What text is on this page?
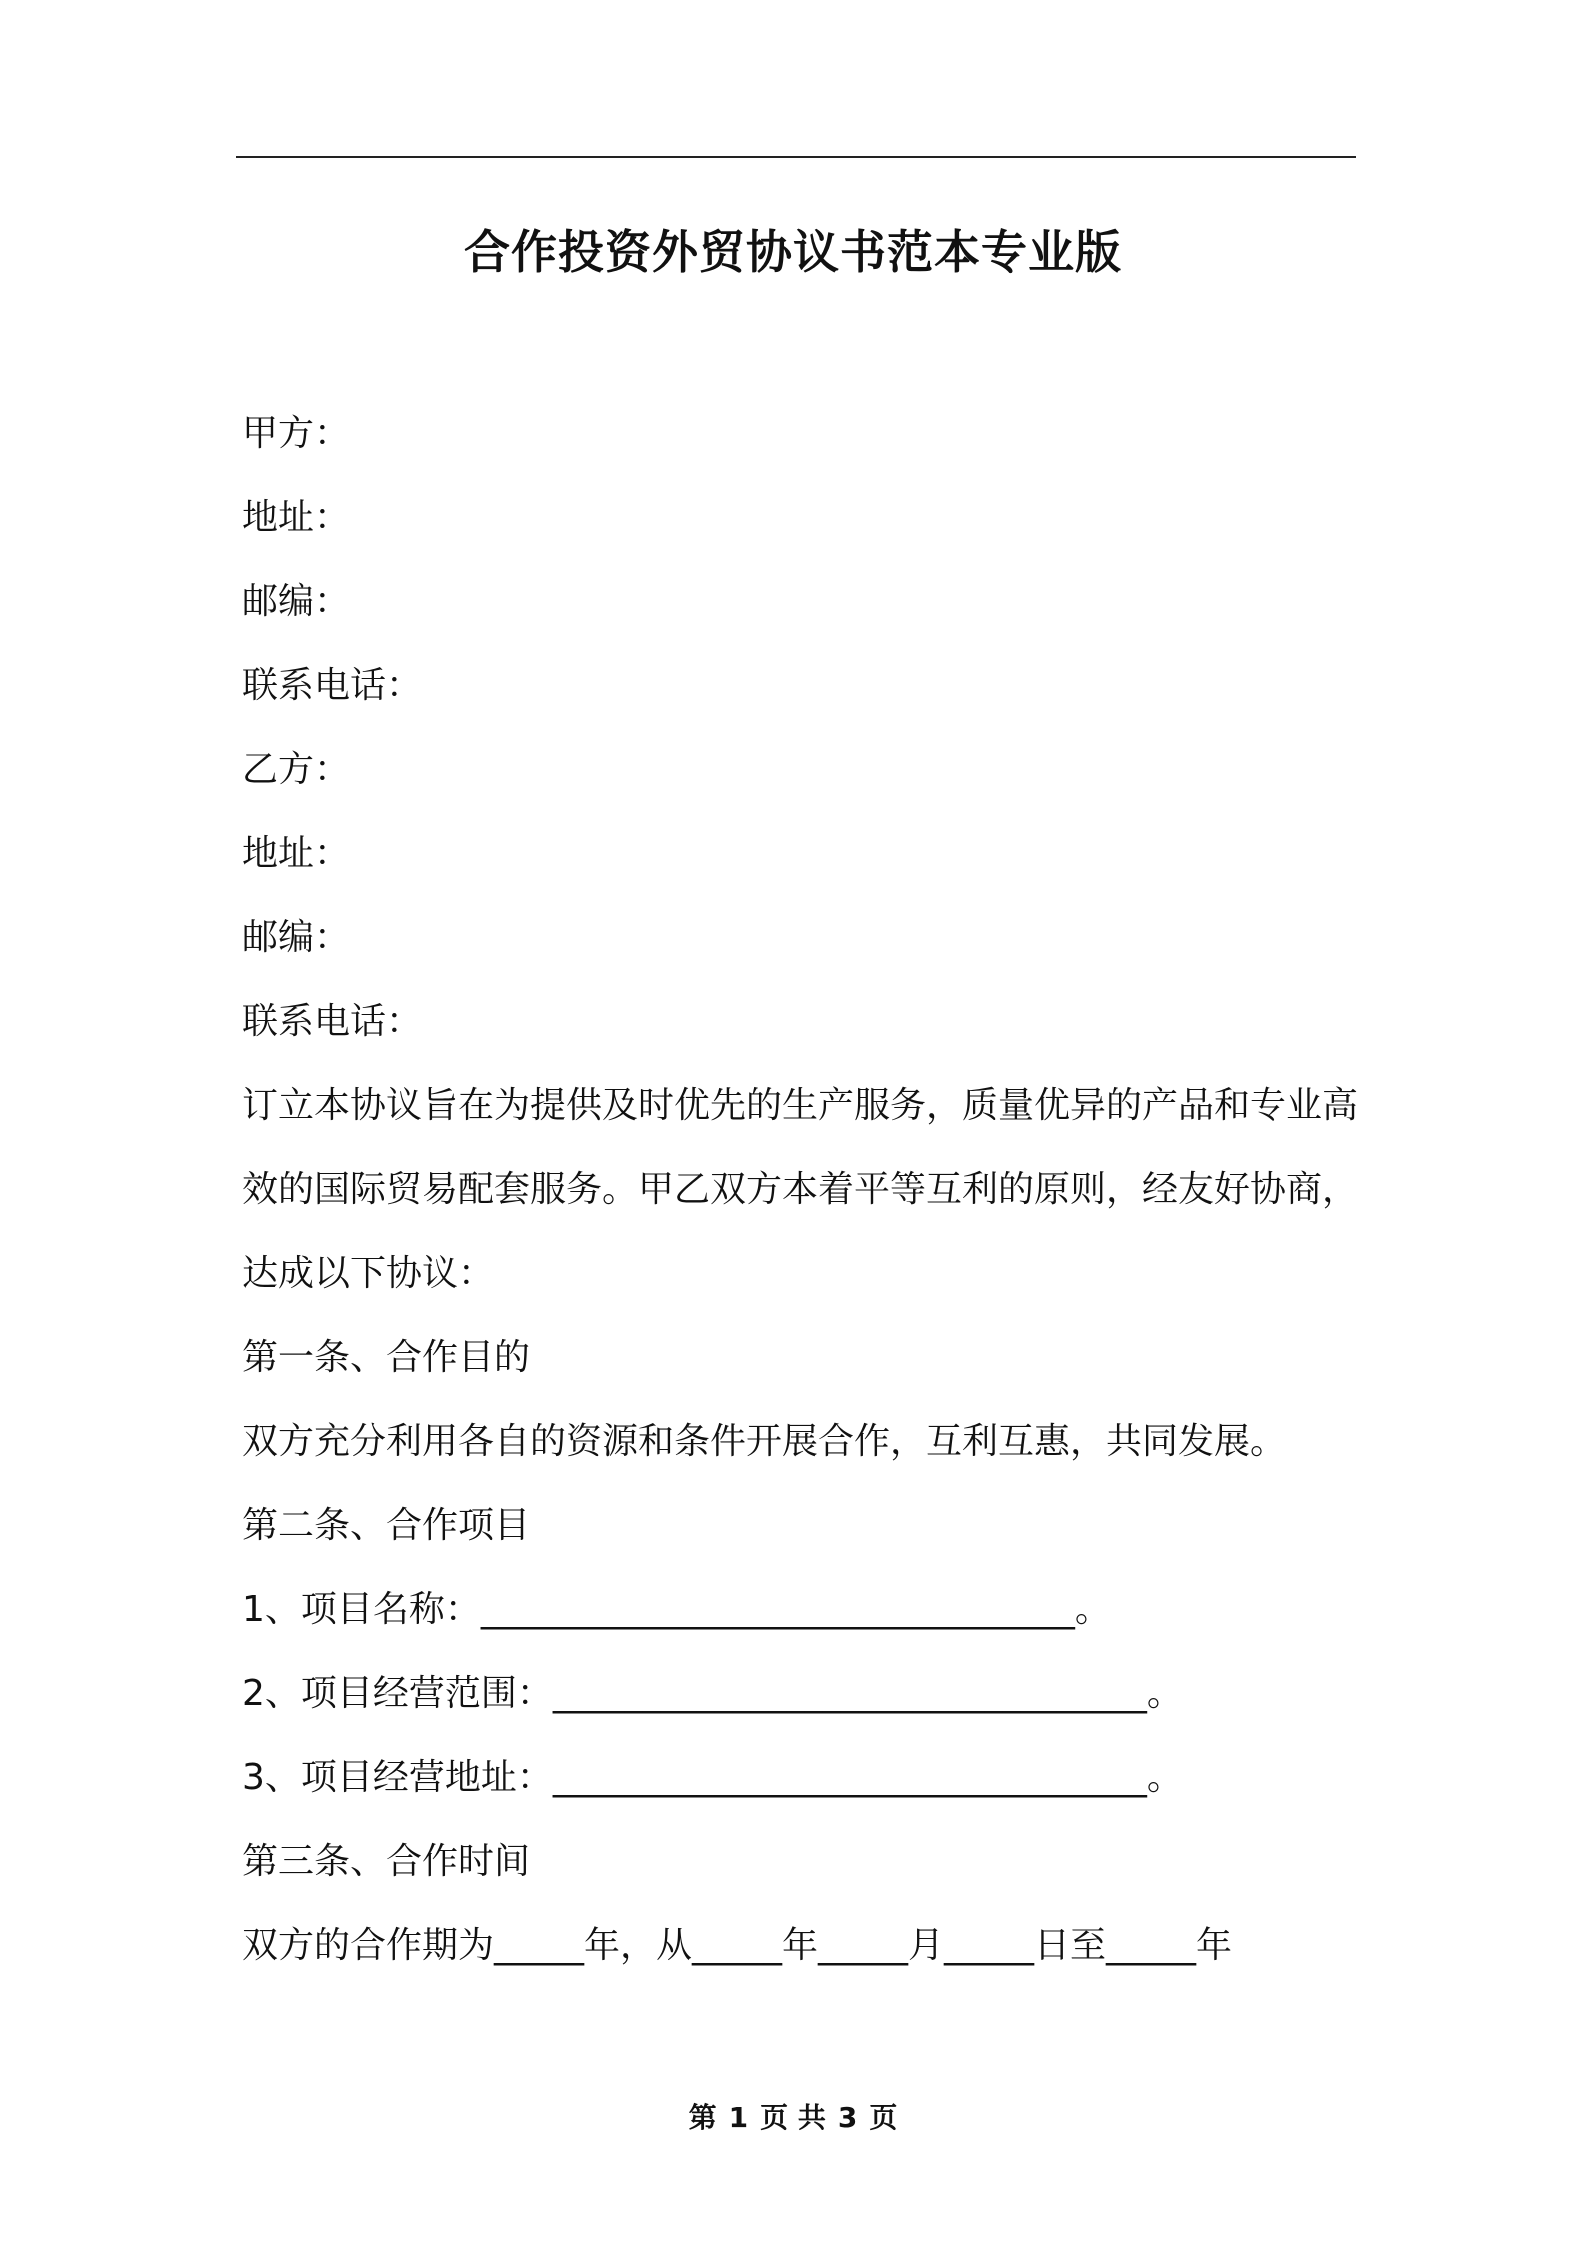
合作投资外贸协议书范本专业版
甲方：
地址：
邮编：
联系电话：
乙方：
地址：
邮编：
联系电话：
订立本协议旨在为提供及时优先的生产服务，质量优异的产品和专业高效的国际贸易配套服务。甲乙双方本着平等互利的原则，经友好协商，达成以下协议：
第一条、合作目的
双方充分利用各自的资源和条件开展合作，互利互惠，共同发展。
第二条、合作项目
1、项目名称：_________________________________。
2、项目经营范围：_________________________________。
3、项目经营地址：_________________________________。
第三条、合作时间
双方的合作期为_____年，从_____年_____月_____日至_____年
第 1 页 共 3 页
